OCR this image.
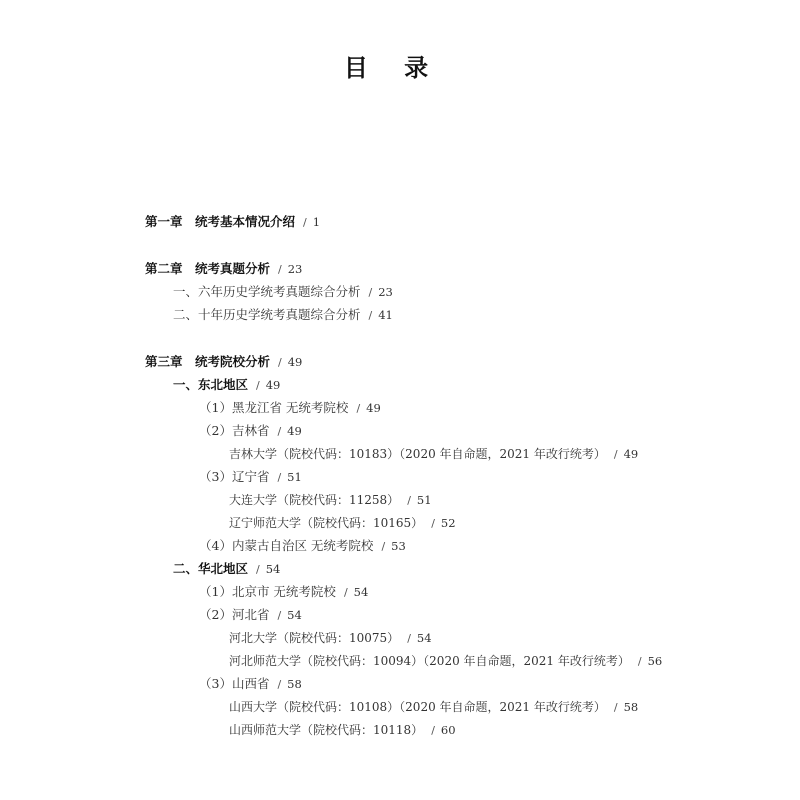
目 录
第一章　统考基本情况介绍 / 1
第二章　统考真题分析 / 23
一、六年历史学统考真题综合分析 / 23
二、十年历史学统考真题综合分析 / 41
第三章　统考院校分析 / 49
一、东北地区 / 49
（1）黑龙江省 无统考院校 / 49
（2）吉林省 / 49
吉林大学（院校代码：10183）（2020 年自命题，2021 年改行统考） / 49
（3）辽宁省 / 51
大连大学（院校代码：11258） / 51
辽宁师范大学（院校代码：10165） / 52
（4）内蒙古自治区 无统考院校 / 53
二、华北地区 / 54
（1）北京市 无统考院校 / 54
（2）河北省 / 54
河北大学（院校代码：10075） / 54
河北师范大学（院校代码：10094）（2020 年自命题，2021 年改行统考） / 56
（3）山西省 / 58
山西大学（院校代码：10108）（2020 年自命题，2021 年改行统考） / 58
山西师范大学（院校代码：10118） / 60
